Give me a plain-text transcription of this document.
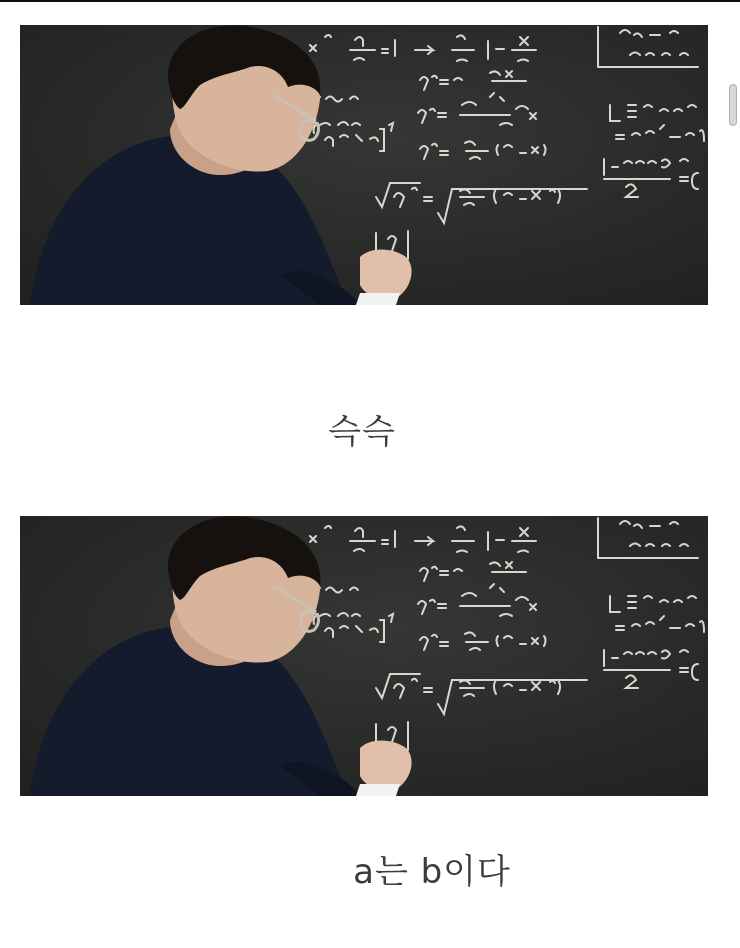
슥슥
a는 b이다
